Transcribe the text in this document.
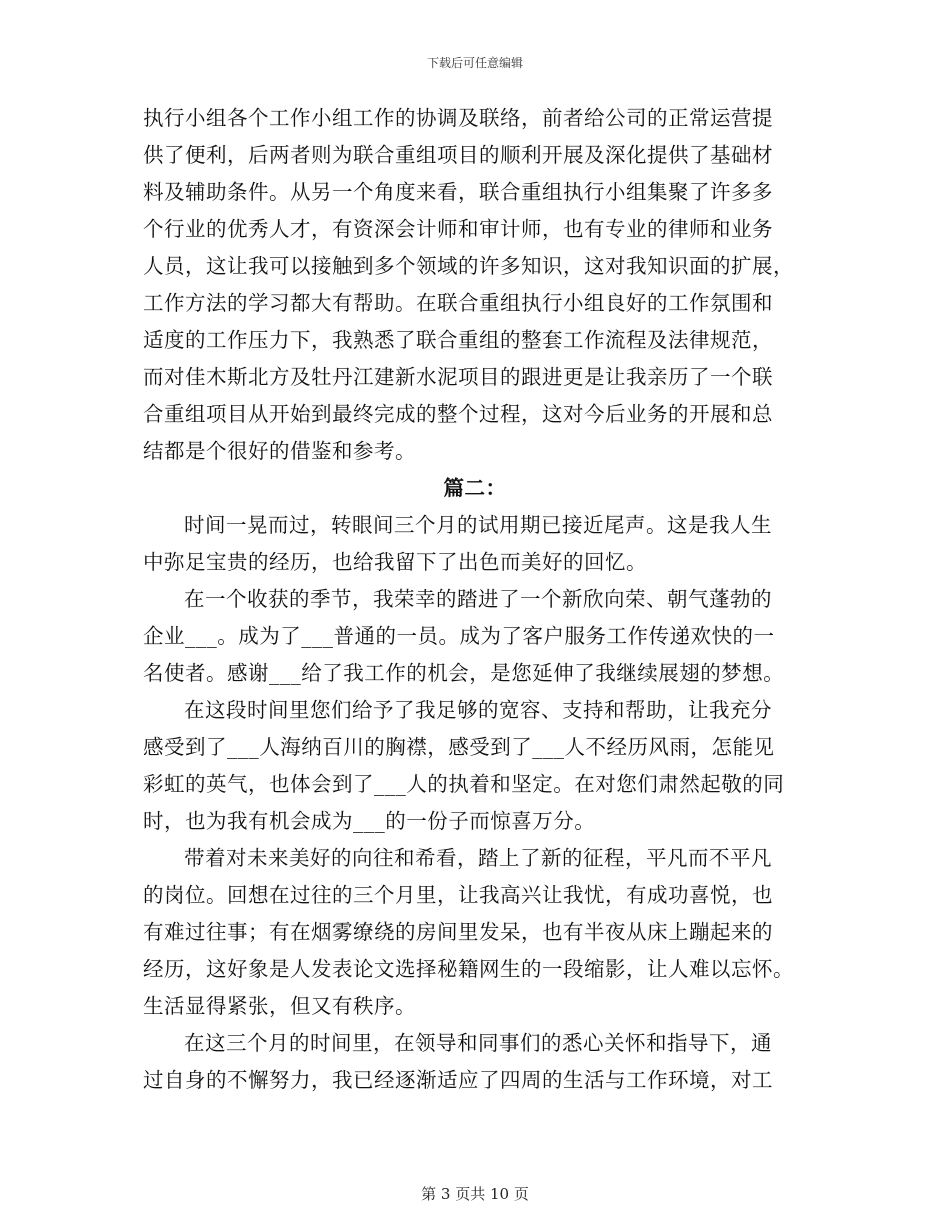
下载后可任意编辑
执行小组各个工作小组工作的协调及联络，前者给公司的正常运营提
供了便利，后两者则为联合重组项目的顺利开展及深化提供了基础材
料及辅助条件。从另一个角度来看，联合重组执行小组集聚了许多多
个行业的优秀人才，有资深会计师和审计师，也有专业的律师和业务
人员，这让我可以接触到多个领域的许多知识，这对我知识面的扩展，
工作方法的学习都大有帮助。在联合重组执行小组良好的工作氛围和
适度的工作压力下，我熟悉了联合重组的整套工作流程及法律规范，
而对佳木斯北方及牡丹江建新水泥项目的跟进更是让我亲历了一个联
合重组项目从开始到最终完成的整个过程，这对今后业务的开展和总
结都是个很好的借鉴和参考。
篇二：
时间一晃而过，转眼间三个月的试用期已接近尾声。这是我人生
中弥足宝贵的经历，也给我留下了出色而美好的回忆。
在一个收获的季节，我荣幸的踏进了一个新欣向荣、朝气蓬勃的
企业___。成为了___普通的一员。成为了客户服务工作传递欢快的一
名使者。感谢___给了我工作的机会，是您延伸了我继续展翅的梦想。
在这段时间里您们给予了我足够的宽容、支持和帮助，让我充分
感受到了___人海纳百川的胸襟，感受到了___人不经历风雨，怎能见
彩虹的英气，也体会到了___人的执着和坚定。在对您们肃然起敬的同
时，也为我有机会成为___的一份子而惊喜万分。
带着对未来美好的向往和希看，踏上了新的征程，平凡而不平凡
的岗位。回想在过往的三个月里，让我高兴让我忧，有成功喜悦，也
有难过往事；有在烟雾缭绕的房间里发呆，也有半夜从床上蹦起来的
经历，这好象是人发表论文选择秘籍网生的一段缩影，让人难以忘怀。
生活显得紧张，但又有秩序。
在这三个月的时间里，在领导和同事们的悉心关怀和指导下，通
过自身的不懈努力，我已经逐渐适应了四周的生活与工作环境，对工
第 3 页共 10 页
